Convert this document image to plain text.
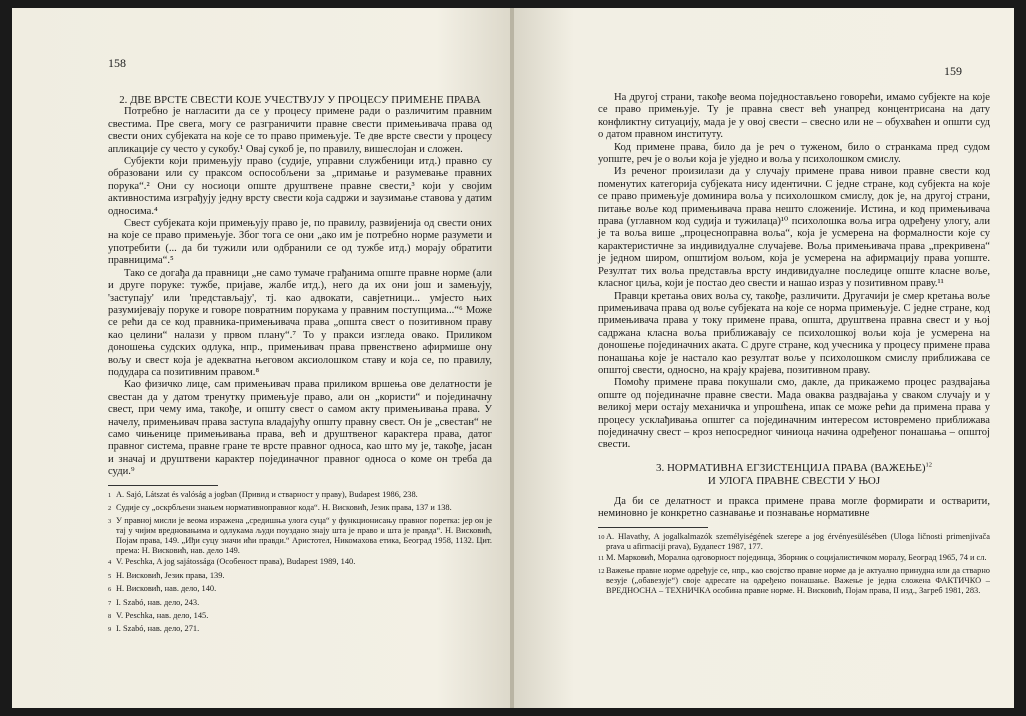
158

2. ДВЕ ВРСТЕ СВЕСТИ КОЈЕ УЧЕСТВУЈУ У ПРОЦЕСУ ПРИМЕНЕ ПРАВА

Потребно је нагласити да се у процесу примене ради о различитим правним свестима. Пре свега, могу се разграничити правне свести примењивача права од свести оних субјеката на које се то право примењује. Те две врсте свести у процесу апликације су често у сукобу.¹ Овај сукоб је, по правилу, вишеслојан и сложен.

Субјекти који примењују право (судије, управни службеници итд.) правно су образовани или су праксом оспособљени за „примање и разумевање правних порука“.² Они су носиоци опште друштвене правне свести,³ који у својим активностима изграђују једну врсту свести која садржи и заузимање ставова у датим односима.⁴

Свест субјеката који примењују право је, по правилу, развијенија од свести оних на које се право примењује. Због тога се они „ако им је потребно норме разумети и употребити (... да би тужили или одбранили се од тужбе итд.) морају обратити правницима“.⁵

Тако се догађа да правници „не само тумаче грађанима опште правне норме (али и друге поруке: тужбе, пријаве, жалбе итд.), него да их они још и замењују, 'заступају' или 'представљају', тј. као адвокати, савјетници... умјесто њих разумијевају поруке и говоре повратним порукама у правним поступцима...“⁶ Може се рећи да се код правника-примењивача права „општа свест о позитивном праву као целини“ налази у првом плану“.⁷ То у пракси изгледа овако. Приликом доношења судских одлука, нпр., примењивач права првенствено афирмише ону вољу и свест која је адекватна његовом аксиолошком ставу и која се, по правилу, подудара са позитивним правом.⁸

Као физичко лице, сам примењивач права приликом вршења ове делатности је свестан да у датом тренутку примењује право, али он „користи“ и појединачну свест, при чему има, такође, и општу свест о самом акту примењивања права. У начелу, примењивач права заступа владајућу општу правну свест. Он је „свестан“ не само чињенице примењивања права, већ и друштвеног карактера права, датог правног система, правне гране те врсте правног односа, као што му је, такође, јасан и значај и друштвени карактер појединачног правног односа о коме он треба да суди.⁹

1 A. Sajó, Látszat és valóság a jogban (Привид и стварност у праву), Budapest 1986, 238.
2 Судије су „оскрбљени знањем нормативноправног кода“. Н. Висковић, Језик права, 137 и 138.
3 У правној мисли је веома изражена „средишња улога суца“ у функционисању правног поретка: јер он је тај у чијим вредновањима и одлукама људи поуздано знају шта је право и шта је правда“. Н. Висковић, Појам права, 149. „Иђи суцу значи ићи правди.“ Аристотел, Никомахова етика, Београд 1958, 1132. Цит. према: Н. Висковић, нав. дело 149.
4 V. Peschka, A jog sajátossága (Особеност права), Budapest 1989, 140.
5 Н. Висковић, Језик права, 139.
6 Н. Висковић, нав. дело, 140.
7 I. Szabó, нав. дело, 243.
8 V. Peschka, нав. дело, 145.
9 I. Szabó, нав. дело, 271.
159

На другој страни, такође веома поједностављено говорећи, имамо субјекте на које се право примењује. Ту је правна свест већ унапред концентрисана на дату конфликтну ситуацију, мада је у овој свести – свесно или не – обухваћен и општи суд о датом правном институту.

Код примене права, било да је реч о туженом, било о странкама пред судом уопште, реч је о вољи која је уједно и воља у психолошком смислу.

Из реченог произилази да у случају примене права нивои правне свести код поменутих категорија субјеката нису идентични. С једне стране, код субјекта на које се право примењује доминира воља у психолошком смислу, док је, на другој страни, питање воље код примењивача права нешто сложеније. Истина, и код примењивача права (углавном код судија и тужилаца)¹⁰ психолошка воља игра одређену улогу, али је та воља више „процесноправна воља“, која је усмерена на формалности које су карактеристичне за индивидуалне случајеве. Воља примењивача права „прекривена“ је једном широм, општијом вољом, која је усмерена на афирмацију права уопште. Резултат тих воља представља врсту индивидуалне последице опште класне воље, класног циља, који је постао део свести и нашао израз у позитивном праву.¹¹

Правци кретања ових воља су, такође, различити. Другачији је смер кретања воље примењивача права од воље субјеката на које се норма примењује. С једне стране, код примењивача права у току примене права, општа, друштвена правна свест и у њој садржана класна воља приближавају се психолошкој вољи која је усмерена на доношење појединачних аката. С друге стране, код учесника у процесу примене права понашања које је настало као резултат воље у психолошком смислу приближава се општој свести, односно, на крају крајева, позитивном праву.

Помоћу примене права покушали смо, дакле, да прикажемо процес раздвајања опште од појединачне правне свести. Мада оваква раздвајања у сваком случају и у великој мери остају механичка и упрошћена, ипак се може рећи да примена права у процесу усклађивања општег са појединачним интересом истовремено приближава појединачну свест – кроз непосредног чиниоца начина одређеног понашања – општој свести.

3. НОРМАТИВНА ЕГЗИСТЕНЦИЈА ПРАВА (ВАЖЕЊЕ)$^{12}$
И УЛОГА ПРАВНЕ СВЕСТИ У ЊОЈ

Да би се делатност и пракса примене права могле формирати и остварити, неминовно је конкретно сазнавање и познавање нормативне

10 A. Hlavathy, A jogalkalmazók személyiségének szerepe a jog érvényesülésében (Uloga ličnosti primenjivača prava u afirmaciji prava), Будапест 1987, 177.
11 М. Марковић, Морална одговорност појединца, Зборник о социјалистичком моралу, Београд 1965, 74 и сл.
12 Важење правне норме одређује се, нпр., као својство правне норме да је актуално принудна или да стварно везује („обавезује“) своје адресате на одређено понашање. Важење је једна сложена ФАКТИЧКО – ВРЕДНОСНА – ТЕХНИЧКА особина правне норме. Н. Висковић, Појам права, II изд., Загреб 1981, 283.
